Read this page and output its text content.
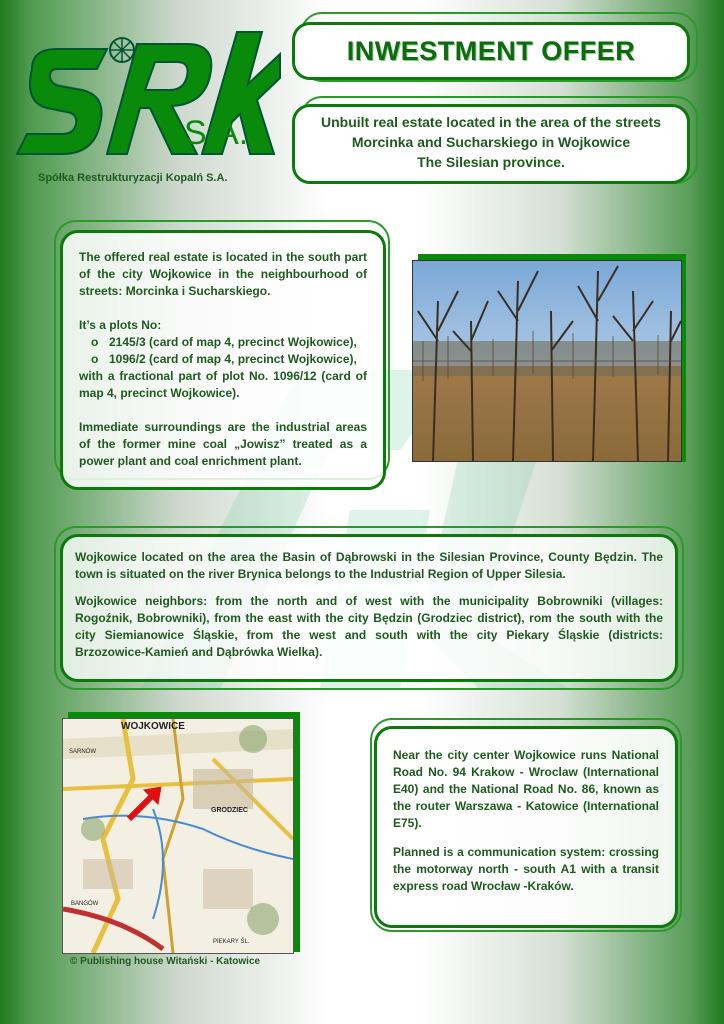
S.A.
Spółka Restrukturyzacji Kopalń S.A.
INWESTMENT OFFER
Unbuilt real estate located in the area of the streets
Morcinka and Sucharskiego in Wojkowice
The Silesian province.

The offered real estate is located in the south part of the city Wojkowice in the neighbourhood of streets: Morcinka i Sucharskiego.

It’s a plots No:

o 2145/3 (card of map 4, precinct Wojkowice),

o 1096/2 (card of map 4, precinct Wojkowice),

with a fractional part of plot No. 1096/12 (card of map 4, precinct Wojkowice).

Immediate surroundings are the industrial areas of the former mine coal „Jowisz” treated as a power plant and coal enrichment plant.

Wojkowice located on the area the Basin of Dąbrowski in the Silesian Province, County Będzin. The town is situated on the river Brynica belongs to the Industrial Region of Upper Silesia.

Wojkowice neighbors: from the north and of west with the municipality Bobrowniki (villages: Rogoźnik, Bobrowniki), from the east with the city Będzin (Grodziec district), rom the south with the city Siemianowice Śląskie, from the west and south with the city Piekary Śląskie (districts: Brzozowice-Kamień and Dąbrówka Wielka).

WOJKOWICE
GRODZIEC
SARNÓW
BANGÓW
PIEKARY ŚL.
© Publishing house Witański - Katowice

Near the city center Wojkowice runs National Road No. 94 Krakow - Wroclaw (International E40) and the National Road No. 86, known as the router Warszawa - Katowice (International E75).

Planned is a communication system: crossing the motorway north - south A1 with a transit express road Wrocław -Kraków.
